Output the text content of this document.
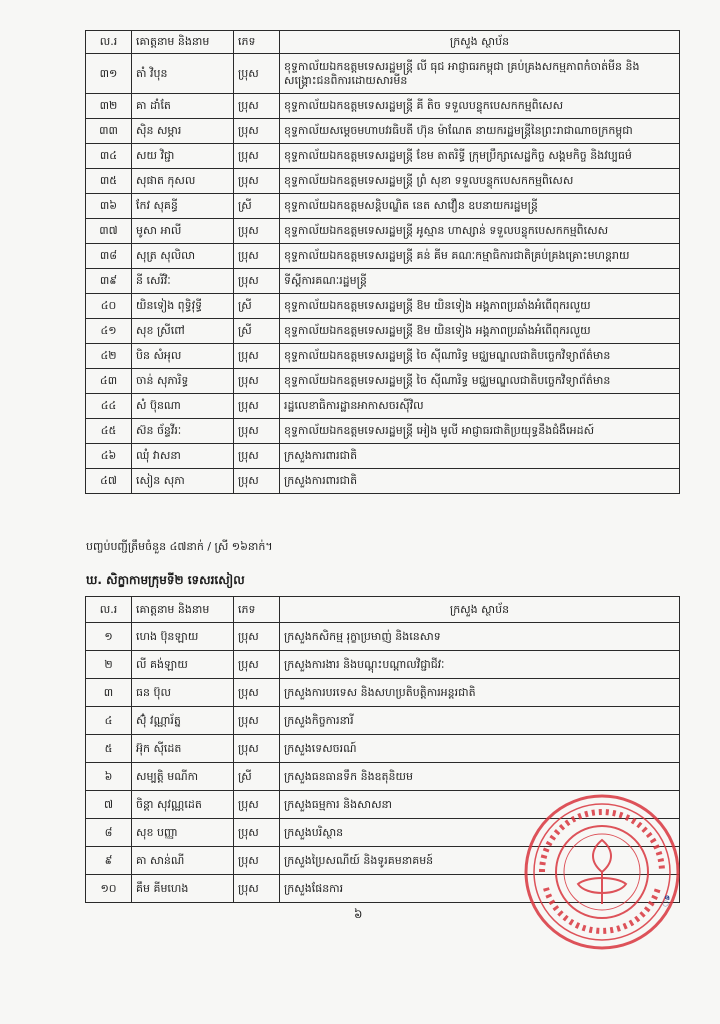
ល.រ	គោត្តនាម និងនាម	ភេទ	ក្រសួង ស្ថាប័ន
៣១	តាំ វិបុន	ប្រុស	ខុទ្ទកាល័យឯកឧត្តមទេសរដ្ឋមន្ត្រី លី ធុជ អាជ្ញាធរកម្ពុជា គ្រប់គ្រងសកម្មភាពកំចាត់មីន និងសង្គ្រោះជនពិការដោយសារមីន
៣២	គា ដាំតែ	ប្រុស	ខុទ្ទកាល័យឯកឧត្តមទេសរដ្ឋមន្ត្រី គី តិច ទទួលបន្ទុកបេសកកម្មពិសេស
៣៣	ស៊ិន សម្ភារ	ប្រុស	ខុទ្ទកាល័យសម្តេចមហាបវរធិបតី ហ៊ុន ម៉ាណែត នាយករដ្ឋមន្ត្រីនៃព្រះរាជាណាចក្រកម្ពុជា
៣៤	សយ វិជ្ជា	ប្រុស	ខុទ្ទកាល័យឯកឧត្តមទេសរដ្ឋមន្ត្រី ខែម តាតរិទ្ធី ក្រុមប្រឹក្សាសេដ្ឋកិច្ច សង្គមកិច្ច និងវប្បធម៌
៣៥	សុផាត កុសល	ប្រុស	ខុទ្ទកាល័យឯកឧត្តមទេសរដ្ឋមន្ត្រី ព្រំ សុខា ទទួលបន្ទុកបេសកកម្មពិសេស
៣៦	កែវ សុគន្ធី	ស្រី	ខុទ្ទកាល័យឯកឧត្តមសន្តិបណ្ឌិត នេត សាវឿន ឧបនាយករដ្ឋមន្ត្រី
៣៧	មូសា អាលី	ប្រុស	ខុទ្ទកាល័យឯកឧត្តមទេសរដ្ឋមន្ត្រី អូស្មាន ហាស្សាន់ ទទួលបន្ទុកបេសកកម្មពិសេស
៣៨	សុត្រ សុលិលា	ប្រុស	ខុទ្ទកាល័យឯកឧត្តមទេសរដ្ឋមន្ត្រី គន់ គីម គណៈកម្មាធិការជាតិគ្រប់គ្រងគ្រោះមហន្តរាយ
៣៩	នី សេរីវិៈ	ប្រុស	ទីស្តីការគណៈរដ្ឋមន្ត្រី
៤០	យិនទៀង ពុទ្ធិវុទ្ធី	ស្រី	ខុទ្ទកាល័យឯកឧត្តមទេសរដ្ឋមន្ត្រី ឱម យិនទៀង អង្គភាពប្រឆាំងអំពើពុករលួយ
៤១	សុខ ស្រីពៅ	ស្រី	ខុទ្ទកាល័យឯកឧត្តមទេសរដ្ឋមន្ត្រី ឱម យិនទៀង អង្គភាពប្រឆាំងអំពើពុករលួយ
៤២	បិន សំអុល	ប្រុស	ខុទ្ទកាល័យឯកឧត្តមទេសរដ្ឋមន្ត្រី ចៃ ស៊ីណារិទ្ធ មជ្ឈមណ្ឌលជាតិបច្ចេកវិទ្យាព័ត៌មាន
៤៣	ចាន់ សុភារិទ្ធ	ប្រុស	ខុទ្ទកាល័យឯកឧត្តមទេសរដ្ឋមន្ត្រី ចៃ ស៊ីណារិទ្ធ មជ្ឈមណ្ឌលជាតិបច្ចេកវិទ្យាព័ត៌មាន
៤៤	សំ ប៊ុនណា	ប្រុស	រដ្ឋលេខាធិការដ្ឋានអាកាសចរស៊ីវិល
៤៥	ស៊ន ច័ន្ទវីរៈ	ប្រុស	ខុទ្ទកាល័យឯកឧត្តមទេសរដ្ឋមន្ត្រី អៀង មូលី អាជ្ញាធរជាតិប្រយុទ្ធនឹងជំងឺអេដស៍
៤៦	ឈុំ វាសនា	ប្រុស	ក្រសួងការពារជាតិ
៤៧	សៀន សុភា	ប្រុស	ក្រសួងការពារជាតិ
បញ្ចប់បញ្ជីត្រឹមចំនួន ៤៧នាក់ / ស្រី ១៦នាក់។
ឃ. សិក្ខាកាមក្រុមទី២ ទេសរសៀល
ល.រ	គោត្តនាម និងនាម	ភេទ	ក្រសួង ស្ថាប័ន
១	ហេង ប៊ុនឡាយ	ប្រុស	ក្រសួងកសិកម្ម រុក្ខាប្រមាញ់ និងនេសាទ
២	លី គង់ឡាយ	ប្រុស	ក្រសួងការងារ និងបណ្តុះបណ្តាលវិជ្ជាជីវៈ
៣	ធន ប៊ុល	ប្រុស	ក្រសួងការបរទេស និងសហប្រតិបត្តិការអន្តរជាតិ
៤	ស៊ុំ វណ្ណារ័ត្ន	ប្រុស	ក្រសួងកិច្ចការនារី
៥	អ៊ុក ស៊ីដេត	ប្រុស	ក្រសួងទេសចរណ៍
៦	សម្បត្តិ មណីកា	ស្រី	ក្រសួងធនធានទឹក និងឧតុនិយម
៧	ចិន្តា សុវណ្ណដេត	ប្រុស	ក្រសួងធម្មការ និងសាសនា
៨	សុខ បញ្ញា	ប្រុស	ក្រសួងបរិស្ថាន
៩	គា សាន់ណី	ប្រុស	ក្រសួងប្រៃសណីយ៍ និងទូរគមនាគមន៍
១០	គឹម គីមហេង	ប្រុស	ក្រសួងផែនការ
ꦷ
៦
